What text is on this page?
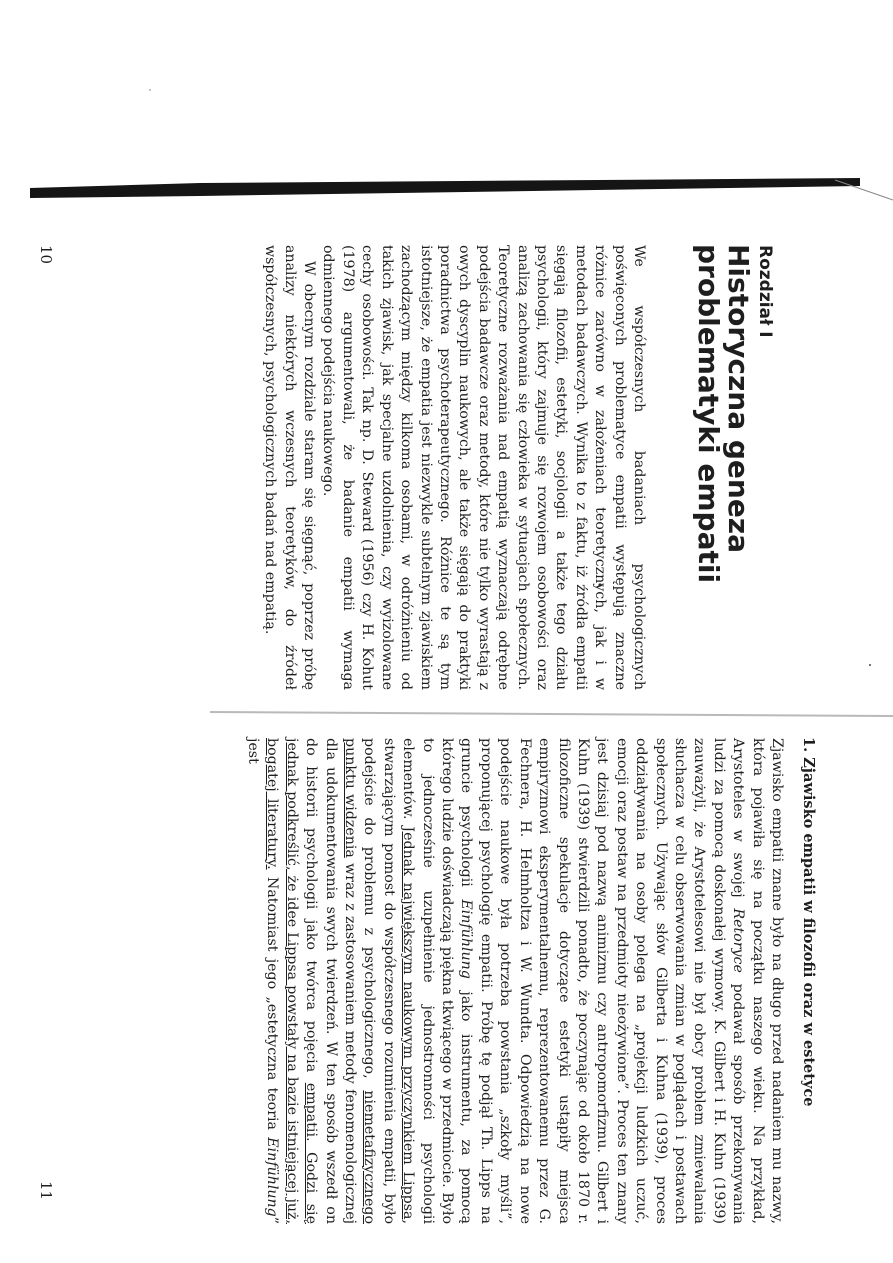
Rozdział I
Historyczna geneza
problematyki empatii

We współczesnych badaniach psychologicznych poświęconych problematyce empatii występują znaczne różnice zarówno w założeniach teoretycznych, jak i w metodach badawczych. Wynika to z faktu, iż źródła empatii sięgają filozofii, estetyki, socjologii a także tego działu psychologii, który zajmuje się rozwojem osobowości oraz analizą zachowania się człowieka w sytuacjach społecznych. Teoretyczne rozważania nad empatią wyznaczają odrębne podejścia badawcze oraz metody, które nie tylko wyrastają z owych dyscyplin naukowych, ale także sięgają do praktyki poradnictwa psychoterapeutycznego. Różnice te są tym istotniejsze, że empatia jest niezwykle subtelnym zjawiskiem zachodzącym między kilkoma osobami, w odróżnieniu od takich zjawisk, jak specjalne uzdolnienia, czy wyizolowane cechy osobowości. Tak np. D. Steward (1956) czy H. Kohut (1978) argumentowali, że badanie empatii wymaga odmiennego podejścia naukowego.

W obecnym rozdziale staram się sięgnąć, poprzez próbę analizy niektórych wczesnych teoretyków, do źródeł współczesnych, psychologicznych badań nad empatią.

10
1. Zjawisko empatii w filozofii oraz w estetyce

Zjawisko empatii znane było na długo przed nadaniem mu nazwy, która pojawiła się na początku naszego wieku. Na przykład, Arystoteles w swojej Retoryce podawał sposób przekonywania ludzi za pomocą doskonałej wymowy. K. Gilbert i H. Kuhn (1939) zauważyli, że Arystotelesowi nie był obcy problem zmiewalania słuchacza w celu obserwowania zmian w poglądach i postawach społecznych. Używając słów Gilberta i Kuhna (1939), proces oddziaływania na osoby polega na „projekcji ludzkich uczuć, emocji oraz postaw na przedmioty nieożywione”. Proces ten znany jest dzisiaj pod nazwą animizmu czy antropomorfizmu. Gilbert i Kuhn (1939) stwierdzili ponadto, że poczynając od około 1870 r. filozoficzne spekulacje dotyczące estetyki ustąpiły miejsca empiryzmowi eksperymentalnemu, reprezentowanemu przez G. Fechnera, H. Helmholtza i W. Wundta. Odpowiedzią na nowe podejście naukowe była potrzeba powstania „szkoły myśli”, proponującej psychologię empatii. Próbę tę podjął Th. Lipps na gruncie psychologii Einfühlung jako instrumentu, za pomocą którego ludzie doświadczają piękna tkwiącego w przedmiocie. Było to jednocześnie uzupełnienie jednostronności psychologii elementów. Jednak największym naukowym przyczynkiem Lippsa, stwarzającym pomost do współczesnego rozumienia empatii, było podejście do problemu z psychologicznego, niemetafizycznego punktu widzenia wraz z zastosowaniem metody fenomenologicznej dla udokumentowania swych twierdzeń. W ten sposób wszedł on do historii psychologii jako twórca pojęcia empatii. Godzi się jednak podkreślić, że idee Lippsa powstały na bazie istniejącej już, bogatej literatury. Natomiast jego „estetyczna teoria Einfühlung” jest

11
